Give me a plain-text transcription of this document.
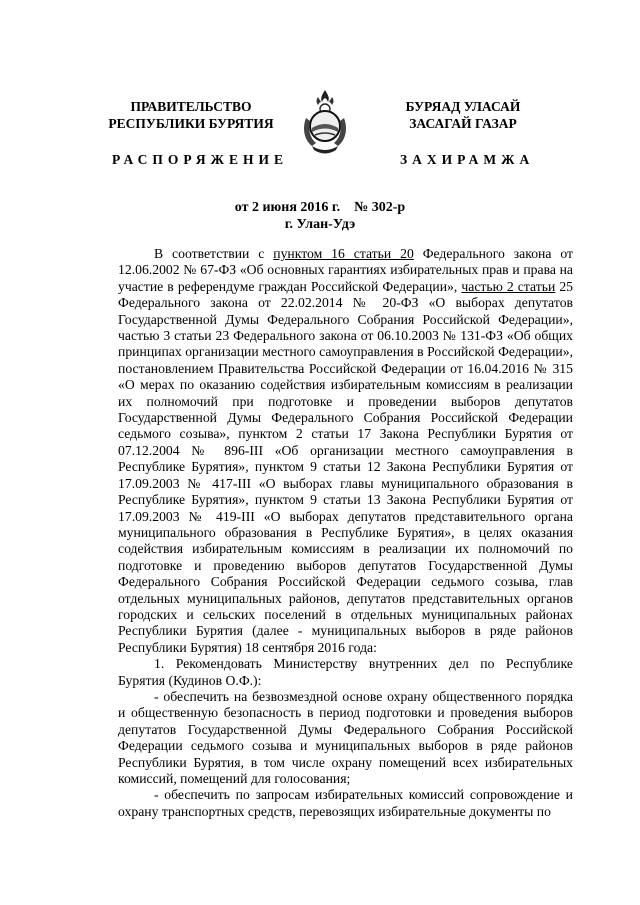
ПРАВИТЕЛЬСТВО
РЕСПУБЛИКИ БУРЯТИЯ
БУРЯАД УЛАСАЙ
ЗАСАГАЙ ГАЗАР
РАСПОРЯЖЕНИЕ	ЗАХИРАМЖА
от 2 июня 2016 г.    № 302-р
г. Улан-Удэ

В соответствии с пунктом 16 статьи 20 Федерального закона от 12.06.2002 № 67-ФЗ «Об основных гарантиях избирательных прав и права на участие в референдуме граждан Российской Федерации», частью 2 статьи 25 Федерального закона от 22.02.2014 № 20-ФЗ «О выборах депутатов Государственной Думы Федерального Собрания Российской Федерации», частью 3 статьи 23 Федерального закона от 06.10.2003 № 131-ФЗ «Об общих принципах организации местного самоуправления в Российской Федерации», постановлением Правительства Российской Федерации от 16.04.2016 № 315 «О мерах по оказанию содействия избирательным комиссиям в реализации их полномочий при подготовке и проведении выборов депутатов Государственной Думы Федерального Собрания Российской Федерации седьмого созыва», пунктом 2 статьи 17 Закона Республики Бурятия от 07.12.2004 № 896-III «Об организации местного самоуправления в Республике Бурятия», пунктом 9 статьи 12 Закона Республики Бурятия от 17.09.2003 № 417-III «О выборах главы муниципального образования в Республике Бурятия», пунктом 9 статьи 13 Закона Республики Бурятия от 17.09.2003 № 419-III «О выборах депутатов представительного органа муниципального образования в Республике Бурятия», в целях оказания содействия избирательным комиссиям в реализации их полномочий по подготовке и проведению выборов депутатов Государственной Думы Федерального Собрания Российской Федерации седьмого созыва, глав отдельных муниципальных районов, депутатов представительных органов городских и сельских поселений в отдельных муниципальных районах Республики Бурятия (далее - муниципальных выборов в ряде районов Республики Бурятия) 18 сентября 2016 года:

1. Рекомендовать Министерству внутренних дел по Республике Бурятия (Кудинов О.Ф.):

- обеспечить на безвозмездной основе охрану общественного порядка и общественную безопасность в период подготовки и проведения выборов депутатов Государственной Думы Федерального Собрания Российской Федерации седьмого созыва и муниципальных выборов в ряде районов Республики Бурятия, в том числе охрану помещений всех избирательных комиссий, помещений для голосования;

- обеспечить по запросам избирательных комиссий сопровождение и охрану транспортных средств, перевозящих избирательные документы по
